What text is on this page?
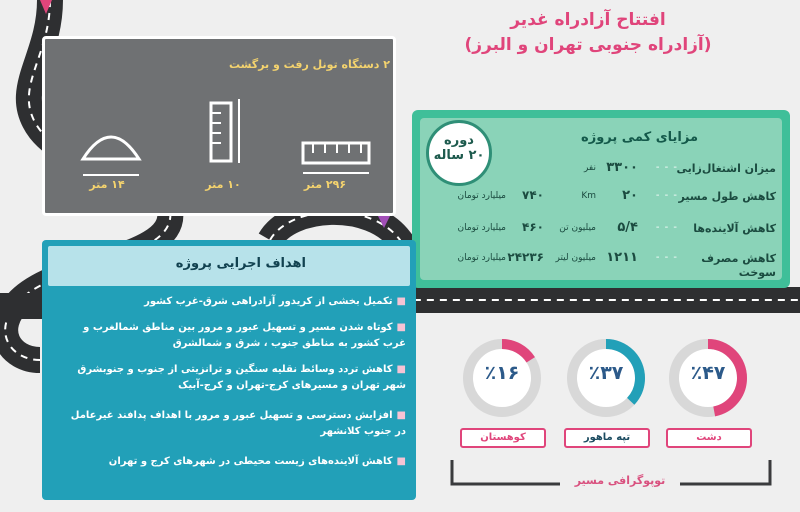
۲ دستگاه تونل رفت و برگشت
۱۴ متر	۱۰ متر	۲۹۶ متر
افتتاح آزادراه غدیر
(آزادراه جنوبی تهران و البرز)
دوره
۲۰ ساله
مزایای کمی پروژه
میزان اشتغال‌زایی
- - -
۳۳۰۰
نفر
کاهش طول مسیر
- - -
۲۰
Km
۷۴۰
میلیارد تومان
کاهش آلاینده‌ها
- - -
۵/۴
میلیون تن
۴۶۰
میلیارد تومان
کاهش مصرف سوخت
- - -
۱۲۱۱
میلیون لیتر
۲۴۲۳۶
میلیارد تومان
اهداف اجرایی پروژه
■تکمیل بخشی از کریدور آزادراهی شرق-غرب کشور
■کوتاه شدن مسیر و تسهیل عبور و مرور بین مناطق شمالغرب و غرب کشور به مناطق جنوب ، شرق و شمالشرق
■کاهش تردد وسائط نقلیه سنگین و ترانزیتی از جنوب و جنوبشرق شهر تهران و مسیرهای کرج-تهران و کرج-آبیک
■افزایش دسترسی و تسهیل عبور و مرور با اهداف پدافند غیرعامل در جنوب کلانشهر
■کاهش آلاینده‌های زیست محیطی در شهرهای کرج و تهران
٪۴۷
دشت
٪۳۷
تپه ماهور
٪۱۶
کوهستان
توپوگرافی مسیر
